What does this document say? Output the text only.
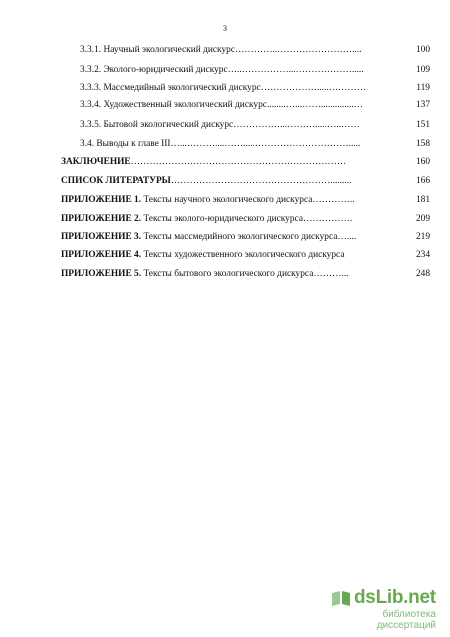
3
3.3.1. Научный экологический дискурс…………..……………………....	100
3.3.2. Эколого-юридический дискурс…..……………...……………….....	109
3.3.3. Массмедийный экологический дискурс……………….....…………	119
3.3.4. Художественный экологический дискурс........…...……..............…	137
3.3.5. Бытовой экологический дискурс……………...……….....…..……	151
3.4. Выводы к главе III…...………....…….....………………………….....	158
ЗАКЛЮЧЕНИЕ……………………………………………………………	160
СПИСОК ЛИТЕРАТУРЫ…………………………………………….........	166
ПРИЛОЖЕНИЕ 1. Тексты научного экологического дискурса…………..	181
ПРИЛОЖЕНИЕ 2. Тексты эколого-юридического дискурса…………….	209
ПРИЛОЖЕНИЕ 3. Тексты массмедийного экологического дискурса…....	219
ПРИЛОЖЕНИЕ 4. Тексты художественного экологического дискурса	234
ПРИЛОЖЕНИЕ 5. Тексты бытового экологического дискурса………...	248
dsLib.net
библиотека диссертаций
